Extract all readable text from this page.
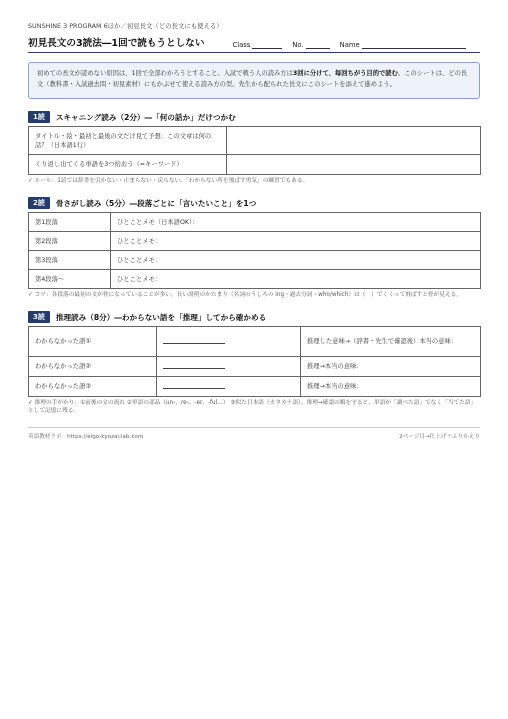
SUNSHINE 3 PROGRAM 6ほか／初見長文（どの長文にも使える）

初見長文の3読法―1回で読もうとしない	Class	No.	Name
初めての長文が読めない原因は、1回で全部わかろうとすること。入試で戦う人の読み方は3回に分けて、毎回ちがう目的で読む。このシートは、どの長文（教科書・入試過去問・初見素材）にもかぶせて使える読み方の型。先生から配られた長文にこのシートを添えて進めよう。
1読	スキャニング読み（2分）―「何の話か」だけつかむ
タイトル・絵・最初と最後の文だけ見て予想：この文章は何の話？（日本語1行）	
くり返し出てくる単語を3つ拾おう（=キーワード）	

✓ ルール：1読では辞書を引かない・止まらない・戻らない。「わからない所を飛ばす勇気」の練習でもある。

2読	骨さがし読み（5分）―段落ごとに「言いたいこと」を1つ
第1段落	ひとことメモ（日本語OK）：
第2段落	ひとことメモ：
第3段落	ひとことメモ：
第4段落〜	ひとことメモ：

✓ コツ：各段落の最初の文が骨になっていることが多い。長い説明のかたまり（名詞のうしろの ing・過去分詞・who/which）は（　）でくくって飛ばすと骨が見える。

3読	推理読み（8分）―わからない語を「推理」してから確かめる
わからなかった語①		推理した意味→（辞書・先生で確認後）本当の意味：
わからなかった語②		推理→本当の意味：
わからなかった語③		推理→本当の意味：

✓ 推理の手がかり：①前後の文の流れ ②単語の部品（un-、re-、-er、-ful…） ③似た日本語（カタカナ語）。推理→確認の順を守ると、単語が「調べた語」でなく「当てた語」として記憶に残る。

英語教材ラボ　https://eigo-kyozai-lab.com	2ページ目→仕上げ＋ふりかえり
